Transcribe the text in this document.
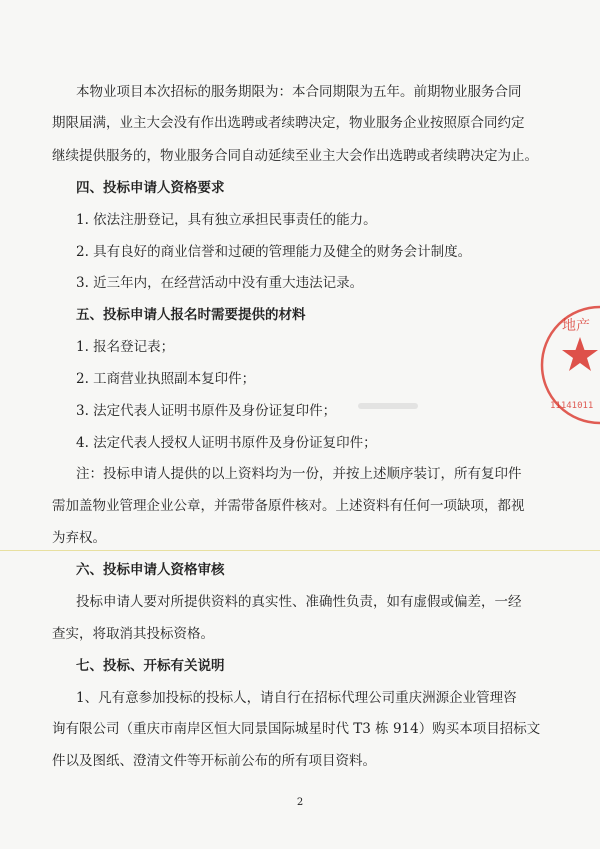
本物业项目本次招标的服务期限为：本合同期限为五年。前期物业服务合同
期限届满，业主大会没有作出选聘或者续聘决定，物业服务企业按照原合同约定
继续提供服务的，物业服务合同自动延续至业主大会作出选聘或者续聘决定为止。
四、投标申请人资格要求
1. 依法注册登记，具有独立承担民事责任的能力。
2. 具有良好的商业信誉和过硬的管理能力及健全的财务会计制度。
3. 近三年内，在经营活动中没有重大违法记录。
五、投标申请人报名时需要提供的材料
1. 报名登记表；
2. 工商营业执照副本复印件；
3. 法定代表人证明书原件及身份证复印件；
4. 法定代表人授权人证明书原件及身份证复印件；
注：投标申请人提供的以上资料均为一份，并按上述顺序装订，所有复印件
需加盖物业管理企业公章，并需带备原件核对。上述资料有任何一项缺项，都视
为弃权。
六、投标申请人资格审核
投标申请人要对所提供资料的真实性、准确性负责，如有虚假或偏差，一经
查实，将取消其投标资格。
七、投标、开标有关说明
1、凡有意参加投标的投标人，请自行在招标代理公司重庆洲源企业管理咨
询有限公司（重庆市南岸区恒大同景国际城星时代 T3 栋 914）购买本项目招标文
件以及图纸、澄清文件等开标前公布的所有项目资料。
地产
11141011
2
